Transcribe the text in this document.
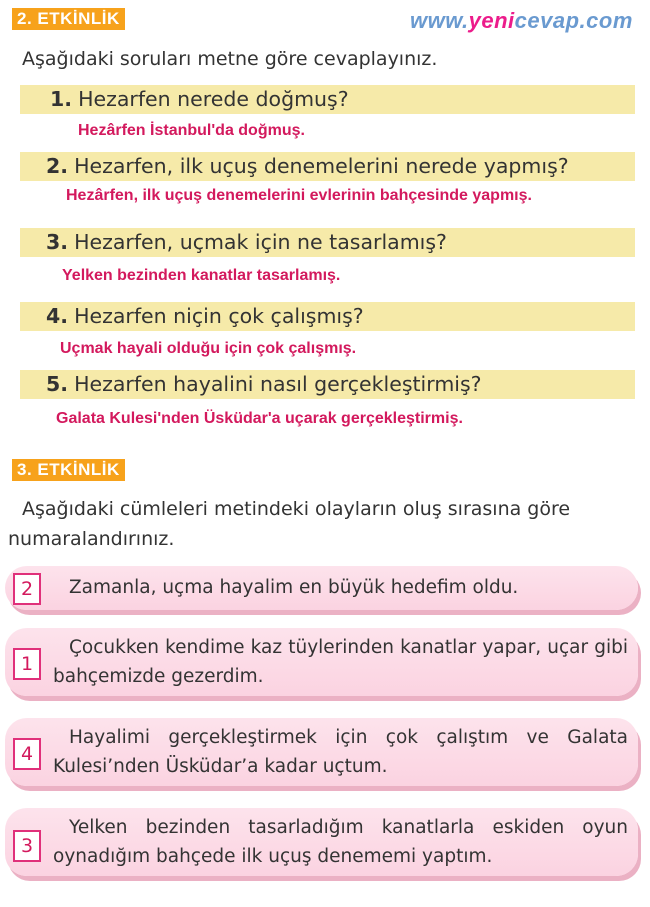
2. ETKİNLİK	www.yenicevap.com

Aşağıdaki soruları metne göre cevaplayınız.

1. Hezarfen nerede doğmuş?
Hezârfen İstanbul'da doğmuş.
2. Hezarfen, ilk uçuş denemelerini nerede yapmış?
Hezârfen, ilk uçuş denemelerini evlerinin bahçesinde yapmış.
3. Hezarfen, uçmak için ne tasarlamış?
Yelken bezinden kanatlar tasarlamış.
4. Hezarfen niçin çok çalışmış?
Uçmak hayali olduğu için çok çalışmış.
5. Hezarfen hayalini nasıl gerçekleştirmiş?
Galata Kulesi'nden Üsküdar'a uçarak gerçekleştirmiş.
3. ETKİNLİK

Aşağıdaki cümleleri metindeki olayların oluş sırasına göre numaralandırınız.

2	Zamanla, uçma hayalim en büyük hedefim oldu.
1
Çocukken kendime kaz tüylerinden kanatlar yapar, uçar gibi bahçemizde gezerdim.
4
Hayalimi gerçekleştirmek için çok çalıştım ve Galata Kulesi’nden Üsküdar’a kadar uçtum.
3
Yelken bezinden tasarladığım kanatlarla eskiden oyun oynadığım bahçede ilk uçuş denememi yaptım.
